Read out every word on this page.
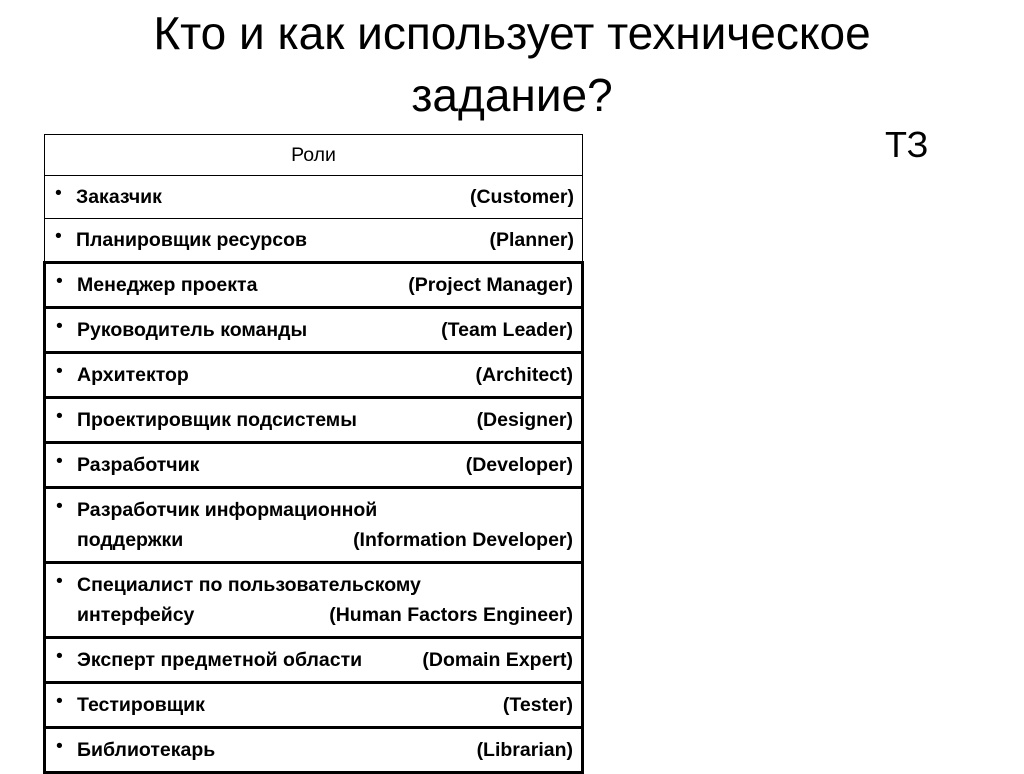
Кто и как использует техническое задание?
ТЗ
Роли

• Заказчик	(Customer)

• Планировщик ресурсов	(Planner)

• Менеджер проекта	(Project Manager)

• Руководитель команды	(Team Leader)

• Архитектор	(Architect)

• Проектировщик подсистемы	(Designer)

• Разработчик	(Developer)

• Разработчик информационной
поддержки	(Information Developer)

• Специалист по пользовательскому
интерфейсу	(Human Factors Engineer)

• Эксперт предметной области	(Domain Expert)

• Тестировщик	(Tester)

• Библиотекарь	(Librarian)
